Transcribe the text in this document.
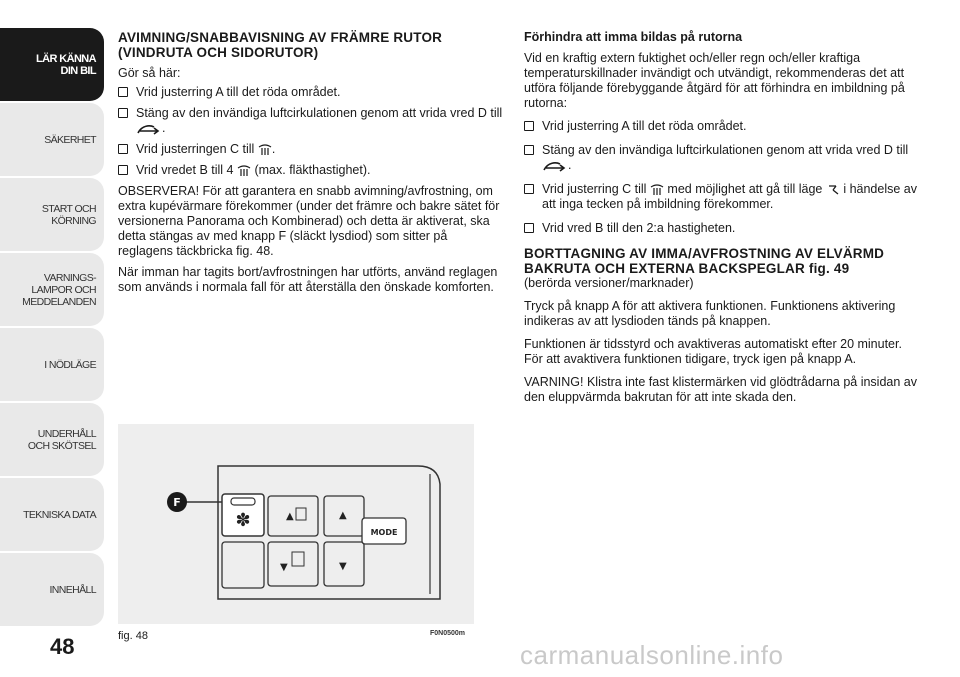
LÄR KÄNNA DIN BIL
SÄKERHET
START OCH KÖRNING
VARNINGS- LAMPOR OCH MEDDELANDEN
I NÖDLÄGE
UNDERHÅLL OCH SKÖTSEL
TEKNISKA DATA
INNEHÅLL
48
AVIMNING/SNABBAVISNING AV FRÄMRE RUTOR (VINDRUTA OCH SIDORUTOR)

Gör så här:

Vrid justerring A till det röda området.
Stäng av den invändiga luftcirkulationen genom att vrida vred D till .
Vrid justerringen C till .
Vrid vredet B till 4 (max. fläkthastighet).

OBSERVERA! För att garantera en snabb avimning/avfrostning, om extra kupévärmare förekommer (under det främre och bakre sätet för versionerna Panorama och Kombinerad) och detta är aktiverat, ska detta stängas av med knapp F (släckt lysdiod) som sitter på reglagens täckbricka fig. 48.

När imman har tagits bort/avfrostningen har utförts, använd reglagen som används i normala fall för att återställa den önskade komforten.

Förhindra att imma bildas på rutorna

Vid en kraftig extern fuktighet och/eller regn och/eller kraftiga temperaturskillnader invändigt och utvändigt, rekommenderas det att utföra följande förebyggande åtgärd för att förhindra en imbildning på rutorna:

Vrid justerring A till det röda området.
Stäng av den invändiga luftcirkulationen genom att vrida vred D till .
Vrid justerring C till med möjlighet att gå till läge i händelse av att inga tecken på imbildning förekommer.
Vrid vred B till den 2:a hastigheten.
BORTTAGNING AV IMMA/AVFROSTNING AV ELVÄRMD BAKRUTA OCH EXTERNA BACKSPEGLAR fig. 49
(berörda versioner/marknader)

Tryck på knapp A för att aktivera funktionen. Funktionens aktivering indikeras av att lysdioden tänds på knappen.

Funktionen är tidsstyrd och avaktiveras automatiskt efter 20 minuter. För att avaktivera funktionen tidigare, tryck igen på knapp A.

VARNING! Klistra inte fast klistermärken vid glödtrådarna på insidan av den eluppvärmda bakrutan för att inte skada den.

✽	▲
▼
▲
▼
MODE
F
fig. 48	F0N0500m
carmanualsonline.info
